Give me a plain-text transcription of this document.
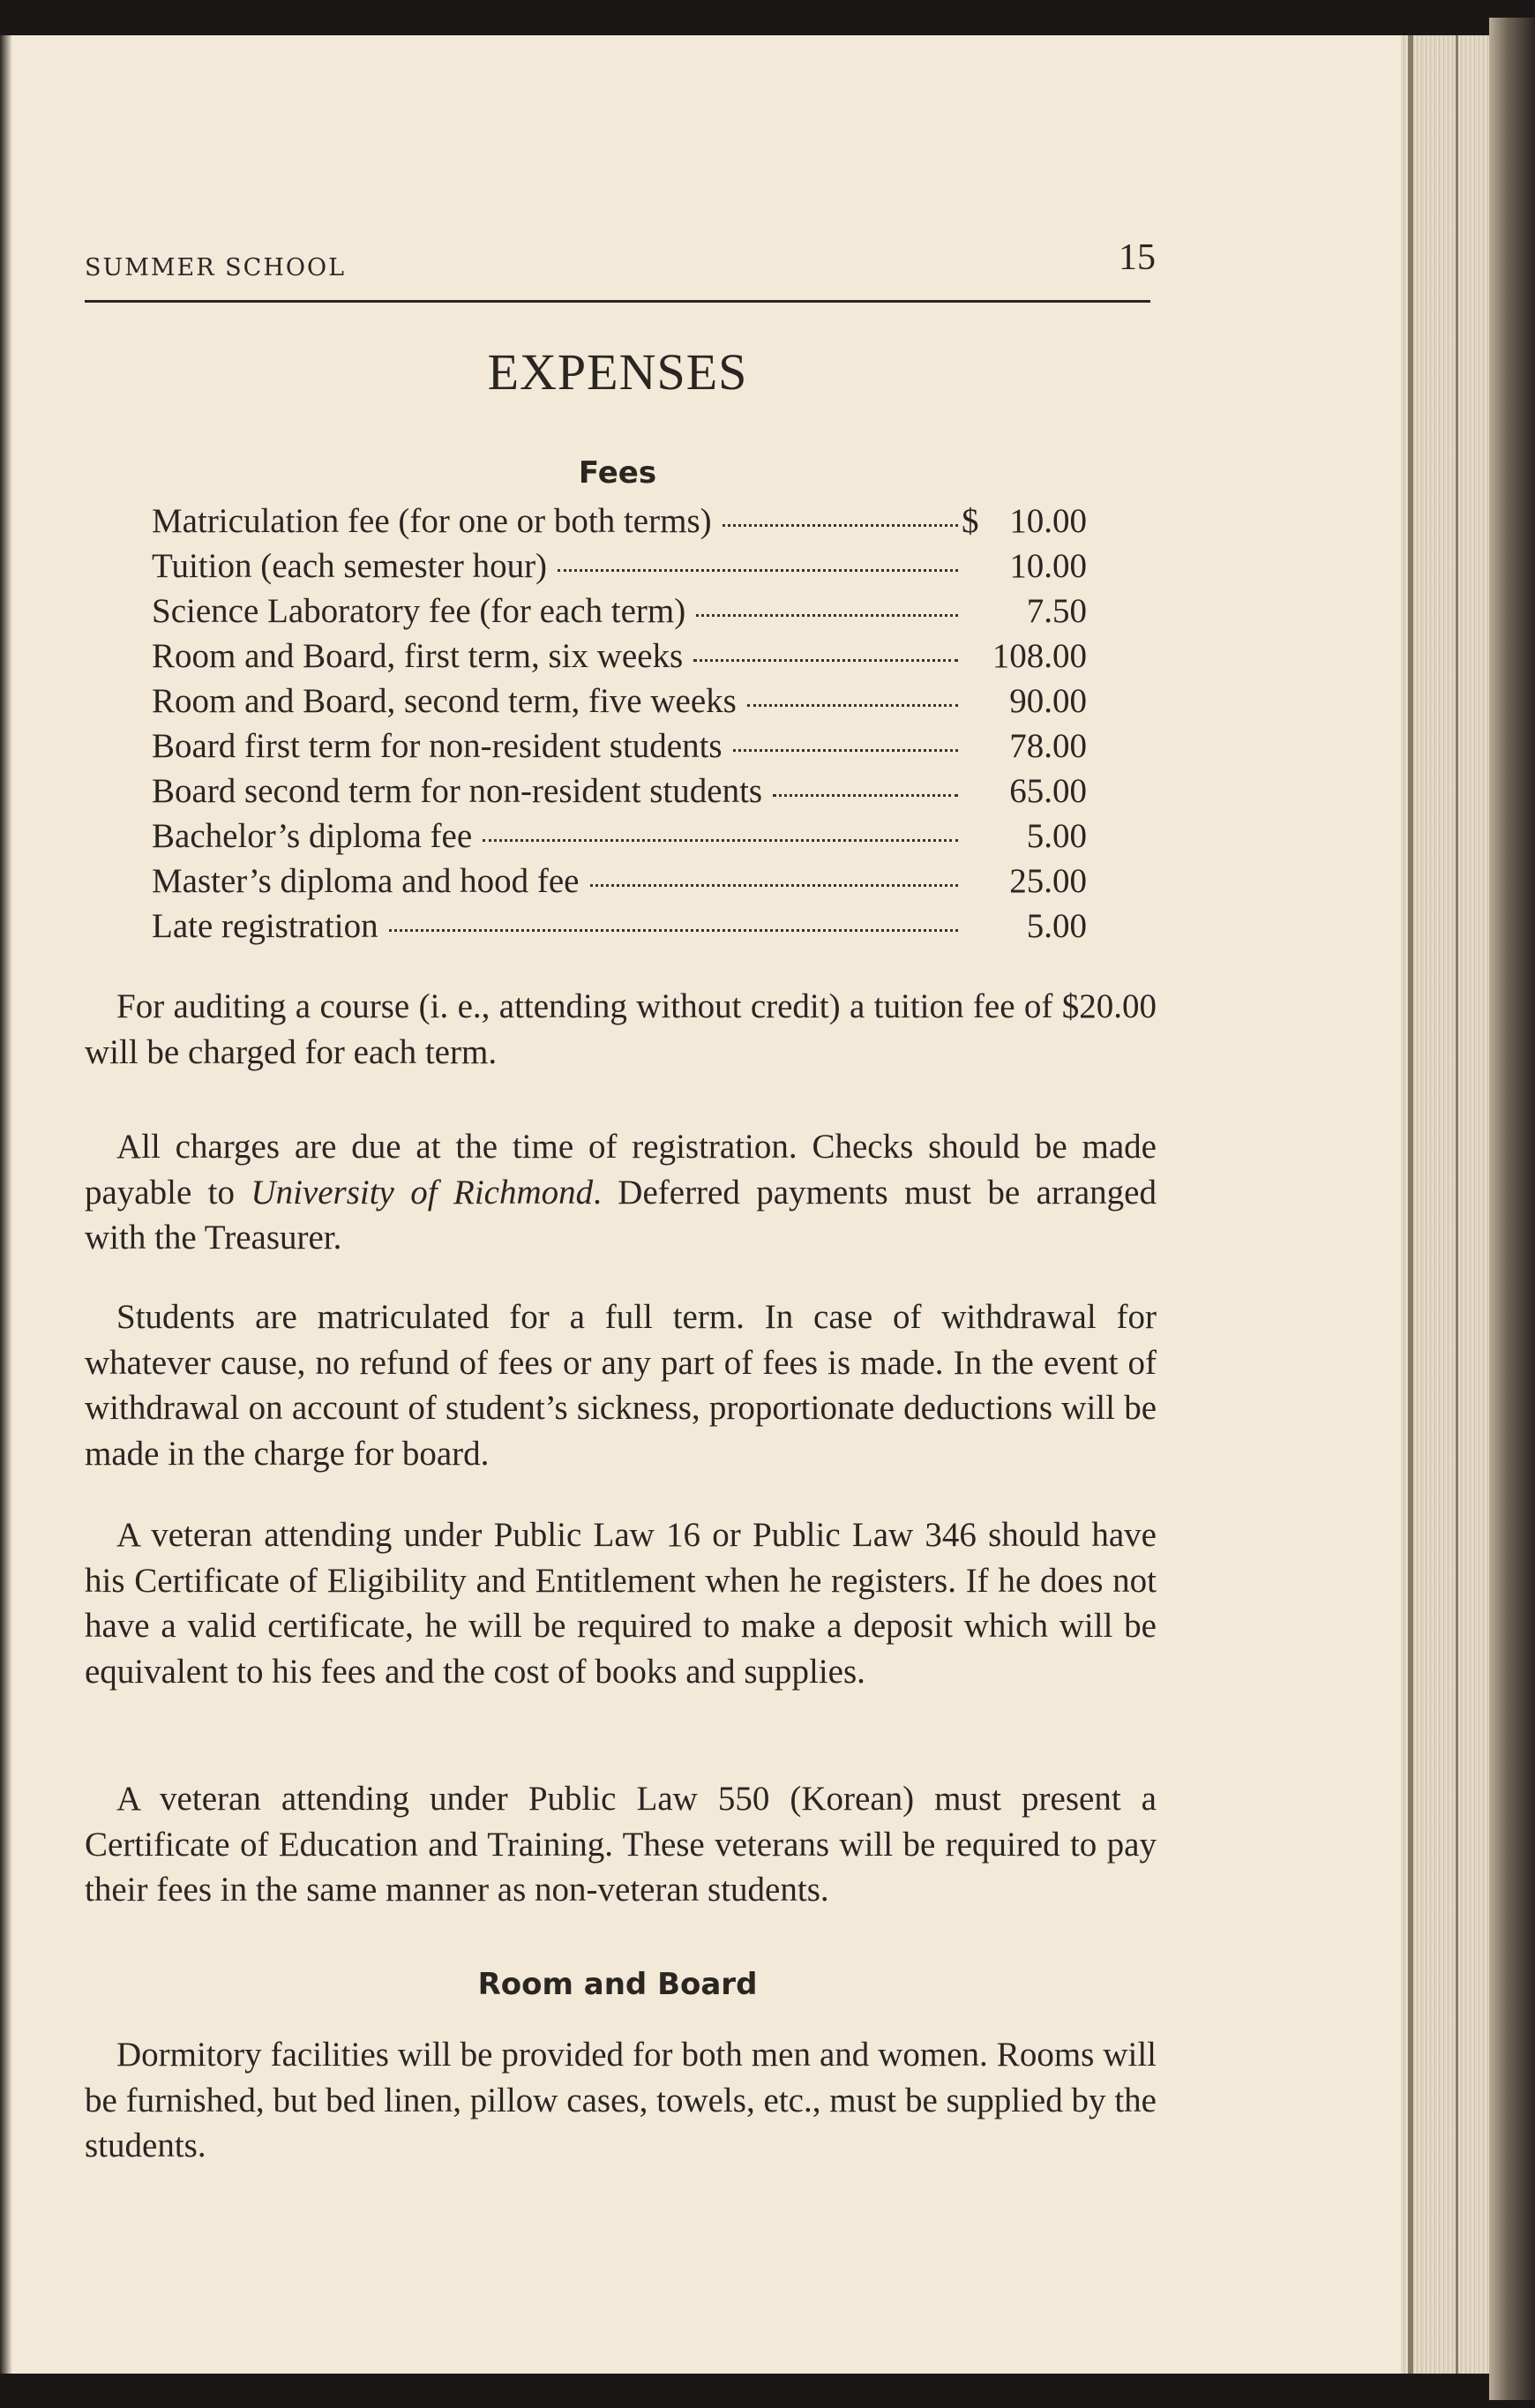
SUMMER SCHOOL	15
EXPENSES
Fees
Matriculation fee (for one or both terms)	$ 10.00
Tuition (each semester hour)	10.00
Science Laboratory fee (for each term)	7.50
Room and Board, first term, six weeks	108.00
Room and Board, second term, five weeks	90.00
Board first term for non-resident students	78.00
Board second term for non-resident students	65.00
Bachelor’s diploma fee	5.00
Master’s diploma and hood fee	25.00
Late registration	5.00

For auditing a course (i. e., attending without credit) a tuition fee of $20.00 will be charged for each term.

All charges are due at the time of registration. Checks should be made payable to University of Richmond. Deferred payments must be arranged with the Treasurer.

Students are matriculated for a full term. In case of withdrawal for whatever cause, no refund of fees or any part of fees is made. In the event of withdrawal on account of student’s sickness, proportionate deductions will be made in the charge for board.

A veteran attending under Public Law 16 or Public Law 346 should have his Certificate of Eligibility and Entitlement when he registers. If he does not have a valid certificate, he will be required to make a deposit which will be equivalent to his fees and the cost of books and supplies.

A veteran attending under Public Law 550 (Korean) must present a Certificate of Education and Training. These veterans will be required to pay their fees in the same manner as non-veteran students.

Room and Board

Dormitory facilities will be provided for both men and women. Rooms will be furnished, but bed linen, pillow cases, towels, etc., must be supplied by the students.
